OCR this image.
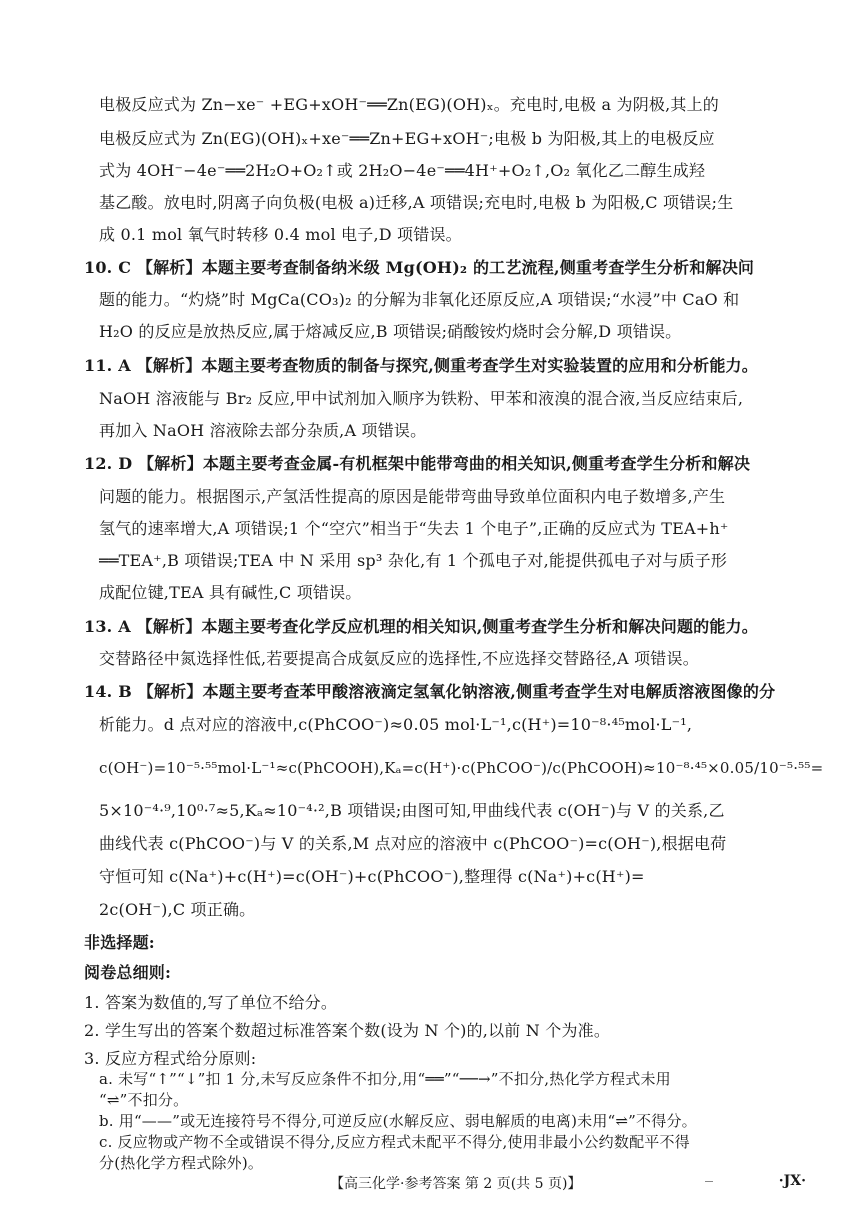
电极反应式为 Zn−xe⁻ +EG+xOH⁻══Zn(EG)(OH)ₓ。充电时,电极 a 为阴极,其上的
电极反应式为 Zn(EG)(OH)ₓ+xe⁻══Zn+EG+xOH⁻;电极 b 为阳极,其上的电极反应
式为 4OH⁻−4e⁻══2H₂O+O₂↑或 2H₂O−4e⁻══4H⁺+O₂↑,O₂ 氧化乙二醇生成羟
基乙酸。放电时,阴离子向负极(电极 a)迁移,A 项错误;充电时,电极 b 为阳极,C 项错误;生
成 0.1 mol 氧气时转移 0.4 mol 电子,D 项错误。
10. C 【解析】本题主要考查制备纳米级 Mg(OH)₂ 的工艺流程,侧重考查学生分析和解决问
题的能力。“灼烧”时 MgCa(CO₃)₂ 的分解为非氧化还原反应,A 项错误;“水浸”中 CaO 和
H₂O 的反应是放热反应,属于熔减反应,B 项错误;硝酸铵灼烧时会分解,D 项错误。
11. A 【解析】本题主要考查物质的制备与探究,侧重考查学生对实验装置的应用和分析能力。
NaOH 溶液能与 Br₂ 反应,甲中试剂加入顺序为铁粉、甲苯和液溴的混合液,当反应结束后,
再加入 NaOH 溶液除去部分杂质,A 项错误。
12. D 【解析】本题主要考查金属-有机框架中能带弯曲的相关知识,侧重考查学生分析和解决
问题的能力。根据图示,产氢活性提高的原因是能带弯曲导致单位面积内电子数增多,产生
氢气的速率增大,A 项错误;1 个“空穴”相当于“失去 1 个电子”,正确的反应式为 TEA+h⁺
══TEA⁺,B 项错误;TEA 中 N 采用 sp³ 杂化,有 1 个孤电子对,能提供孤电子对与质子形
成配位键,TEA 具有碱性,C 项错误。
13. A 【解析】本题主要考查化学反应机理的相关知识,侧重考查学生分析和解决问题的能力。
交替路径中氮选择性低,若要提高合成氨反应的选择性,不应选择交替路径,A 项错误。
14. B 【解析】本题主要考查苯甲酸溶液滴定氢氧化钠溶液,侧重考查学生对电解质溶液图像的分
析能力。d 点对应的溶液中,c(PhCOO⁻)≈0.05 mol·L⁻¹,c(H⁺)=10⁻⁸·⁴⁵mol·L⁻¹,
c(OH⁻)=10⁻⁵·⁵⁵mol·L⁻¹≈c(PhCOOH),Kₐ=c(H⁺)·c(PhCOO⁻)/c(PhCOOH)≈10⁻⁸·⁴⁵×0.05/10⁻⁵·⁵⁵=
5×10⁻⁴·⁹,10⁰·⁷≈5,Kₐ≈10⁻⁴·²,B 项错误;由图可知,甲曲线代表 c(OH⁻)与 V 的关系,乙
曲线代表 c(PhCOO⁻)与 V 的关系,M 点对应的溶液中 c(PhCOO⁻)=c(OH⁻),根据电荷
守恒可知 c(Na⁺)+c(H⁺)=c(OH⁻)+c(PhCOO⁻),整理得 c(Na⁺)+c(H⁺)=
2c(OH⁻),C 项正确。
非选择题:
阅卷总细则:
1. 答案为数值的,写了单位不给分。
2. 学生写出的答案个数超过标准答案个数(设为 N 个)的,以前 N 个为准。
3. 反应方程式给分原则:
a. 未写“↑”“↓”扣 1 分,未写反应条件不扣分,用“══”“──→”不扣分,热化学方程式未用
“⇌”不扣分。
【高三化学·参考答案 第 2 页(共 5 页)】	·JX·
b. 用“——”或无连接符号不得分,可逆反应(水解反应、弱电解质的电离)未用“⇌”不得分。
c. 反应物或产物不全或错误不得分,反应方程式未配平不得分,使用非最小公约数配平不得
分(热化学方程式除外)。
